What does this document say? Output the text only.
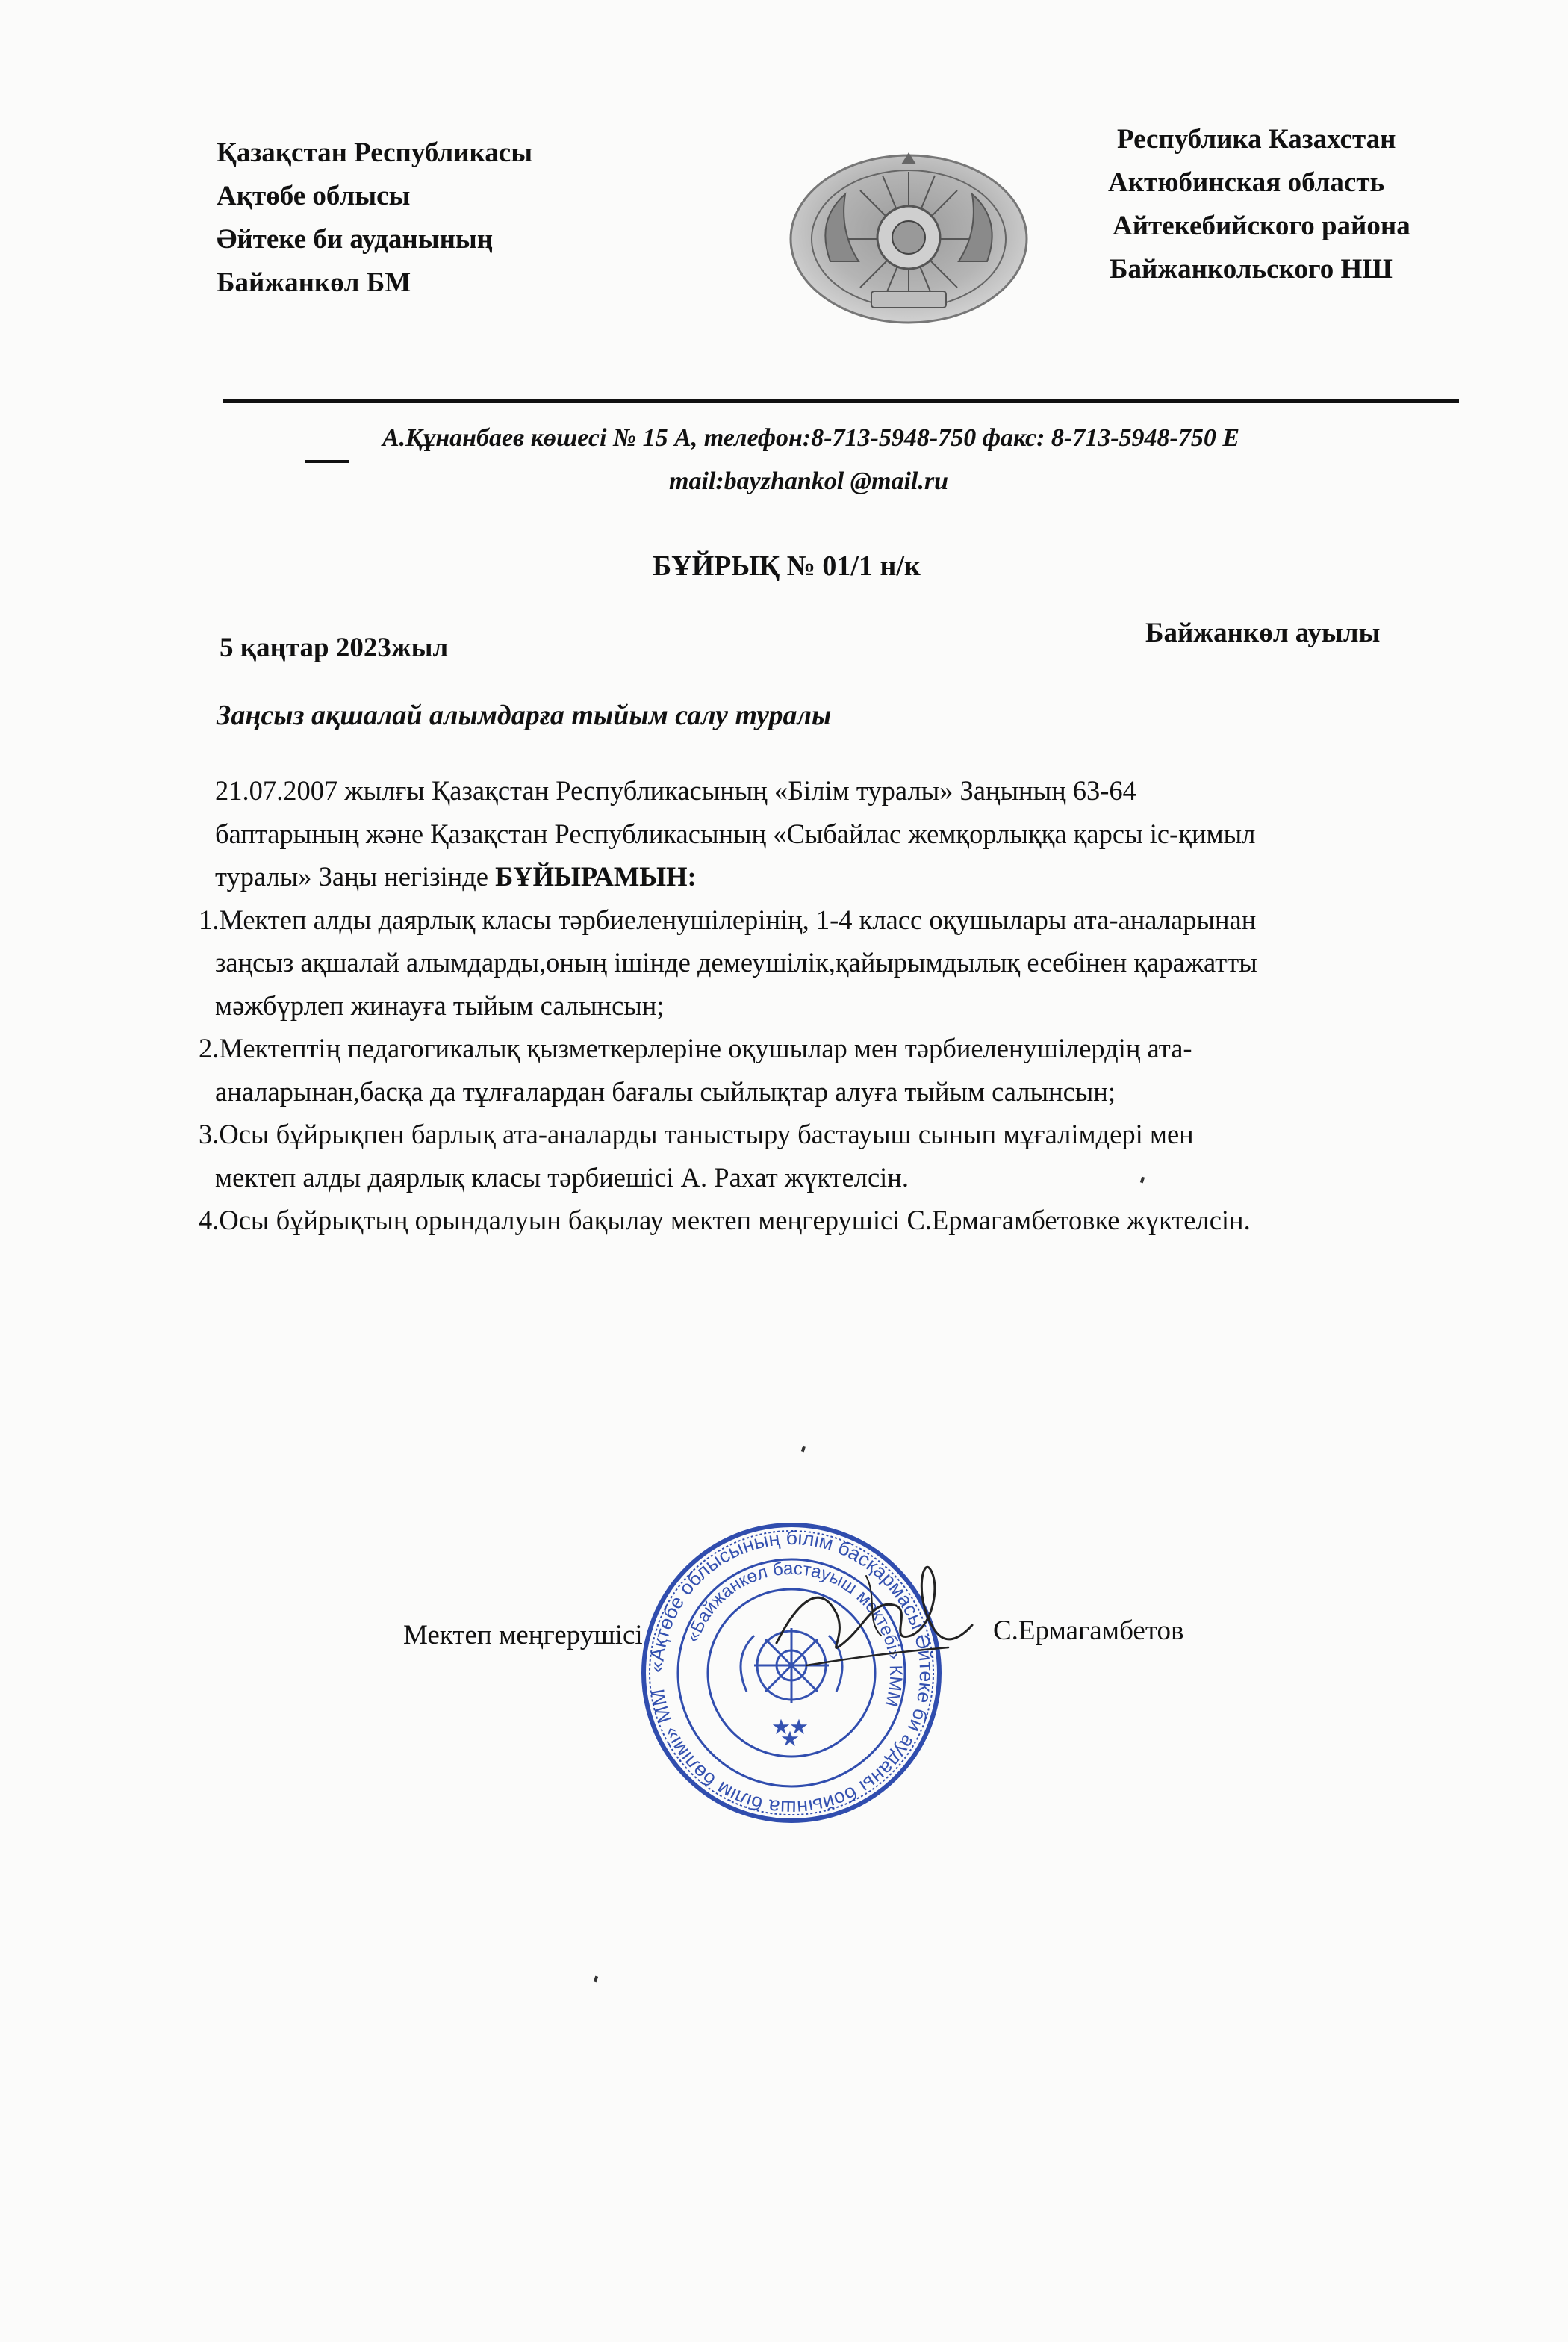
Қазақстан Республикасы
Ақтөбе облысы
Әйтеке би ауданының
Байжанкөл БМ
Республика Казахстан
Актюбинская область
Айтекебийского района
Байжанкольского НШ
А.Құнанбаев көшесі № 15 А, телефон:8-713-5948-750 факс: 8-713-5948-750 Е
mail:bayzhankol @mail.ru
БҰЙРЫҚ № 01/1 н/к
5 қаңтар 2023жыл	Байжанкөл ауылы
Заңсыз ақшалай алымдарға тыйым салу туралы
21.07.2007 жылғы Қазақстан Республикасының «Білім туралы» Заңының 63-64
баптарының және Қазақстан Республикасының «Сыбайлас жемқорлыққа қарсы іс-қимыл
туралы» Заңы негізінде БҰЙЫРАМЫН:
1.Мектеп алды даярлық класы тәрбиеленушілерінің, 1-4 класс оқушылары ата-аналарынан
заңсыз ақшалай алымдарды,оның ішінде демеушілік,қайырымдылық есебінен қаражатты
мәжбүрлеп жинауға тыйым салынсын;
2.Мектептің педагогикалық қызметкерлеріне оқушылар мен тәрбиеленушілердің ата-
аналарынан,басқа да тұлғалардан бағалы сыйлықтар алуға тыйым салынсын;
3.Осы бұйрықпен барлық ата-аналарды таныстыру бастауыш сынып мұғалімдері мен
мектеп алды даярлық класы тәрбиешісі А. Рахат жүктелсін.
4.Осы бұйрықтың орындалуын бақылау мектеп меңгерушісі С.Ермагамбетовке жүктелсін.
Мектеп меңгерушісі	С.Ермагамбетов
«Ақтөбе облысының білім басқармасы Әйтеке би ауданы бойынша білім бөлімі» ММ
«Байжанкөл бастауыш мектебі» КММ
